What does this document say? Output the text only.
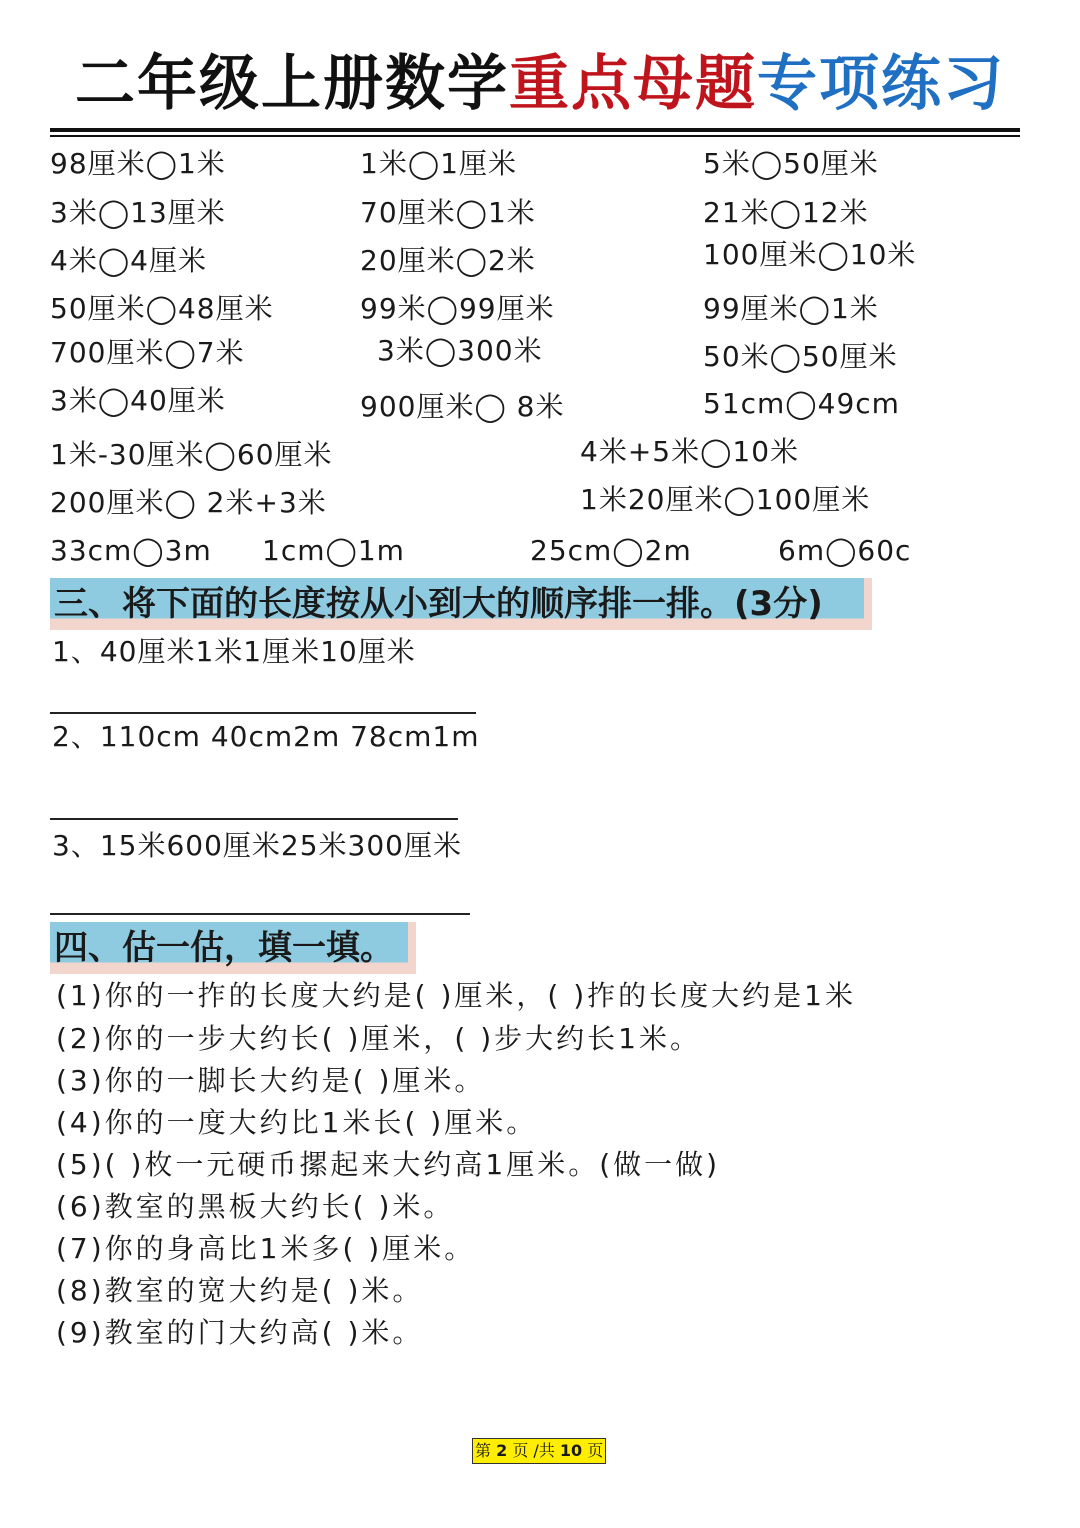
二年级上册数学重点母题专项练习
98厘米◯1米	1米◯1厘米	5米◯50厘米
3米◯13厘米	70厘米◯1米	21米◯12米
4米◯4厘米	20厘米◯2米	100厘米◯10米
50厘米◯48厘米	99米◯99厘米	99厘米◯1米
700厘米◯7米	3米◯300米	50米◯50厘米
3米◯40厘米	900厘米◯ 8米	51cm◯49cm
1米-30厘米◯60厘米	4米+5米◯10米
200厘米◯ 2米+3米	1米20厘米◯100厘米
33cm◯3m 1cm◯1m	25cm◯2m	6m◯60c
三、将下面的长度按从小到大的顺序排一排。(3分)
1、40厘米1米1厘米10厘米
2、110cm 40cm2m 78cm1m
3、15米600厘米25米300厘米
四、估一估，填一填。
(1)你的一拃的长度大约是( )厘米，( )拃的长度大约是1米
(2)你的一步大约长( )厘米，( )步大约长1米。
(3)你的一脚长大约是( )厘米。
(4)你的一度大约比1米长( )厘米。
(5)( )枚一元硬币摞起来大约高1厘米。(做一做)
(6)教室的黑板大约长( )米。
(7)你的身高比1米多( )厘米。
(8)教室的宽大约是( )米。
(9)教室的门大约高( )米。
第 2 页 /共 10 页
